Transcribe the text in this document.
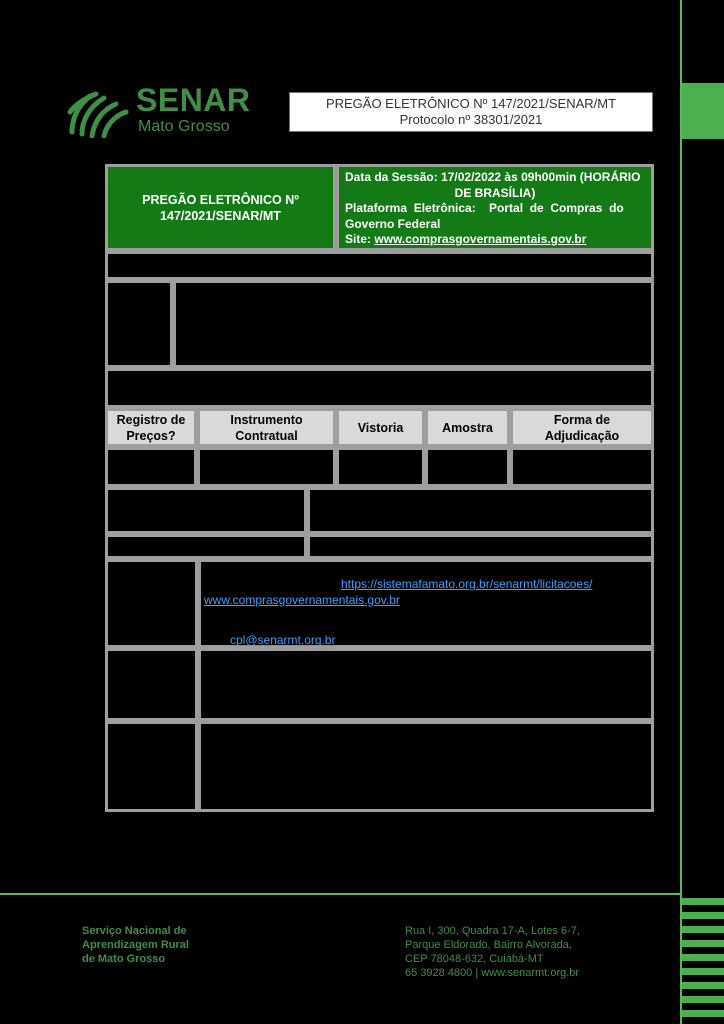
SENAR
Mato Grosso
PREGÃO ELETRÔNICO Nº 147/2021/SENAR/MT
Protocolo nº 38301/2021
PREGÃO ELETRÔNICO Nº
147/2021/SENAR/MT
Data da Sessão: 17/02/2022 às 09h00min (HORÁRIO
DE BRASÍLIA)
Plataforma  Eletrônica:    Portal  de  Compras  do
Governo Federal
Site: www.comprasgovernamentais.gov.br
Registro de
Preços?
Instrumento
Contratual
Vistoria	Amostra
Forma de
Adjudicação
https://sistemafamato.org.br/senarmt/licitacoes/
www.comprasgovernamentais.gov.br
cpl@senarmt.org.br
Serviço Nacional de
Aprendizagem Rural
de Mato Grosso
Rua I, 300, Quadra 17-A, Lotes 6-7,
Parque Eldorado, Bairro Alvorada,
CEP 78048-632, Cuiabá-MT
65 3928 4800 | www.senarmt.org.br
